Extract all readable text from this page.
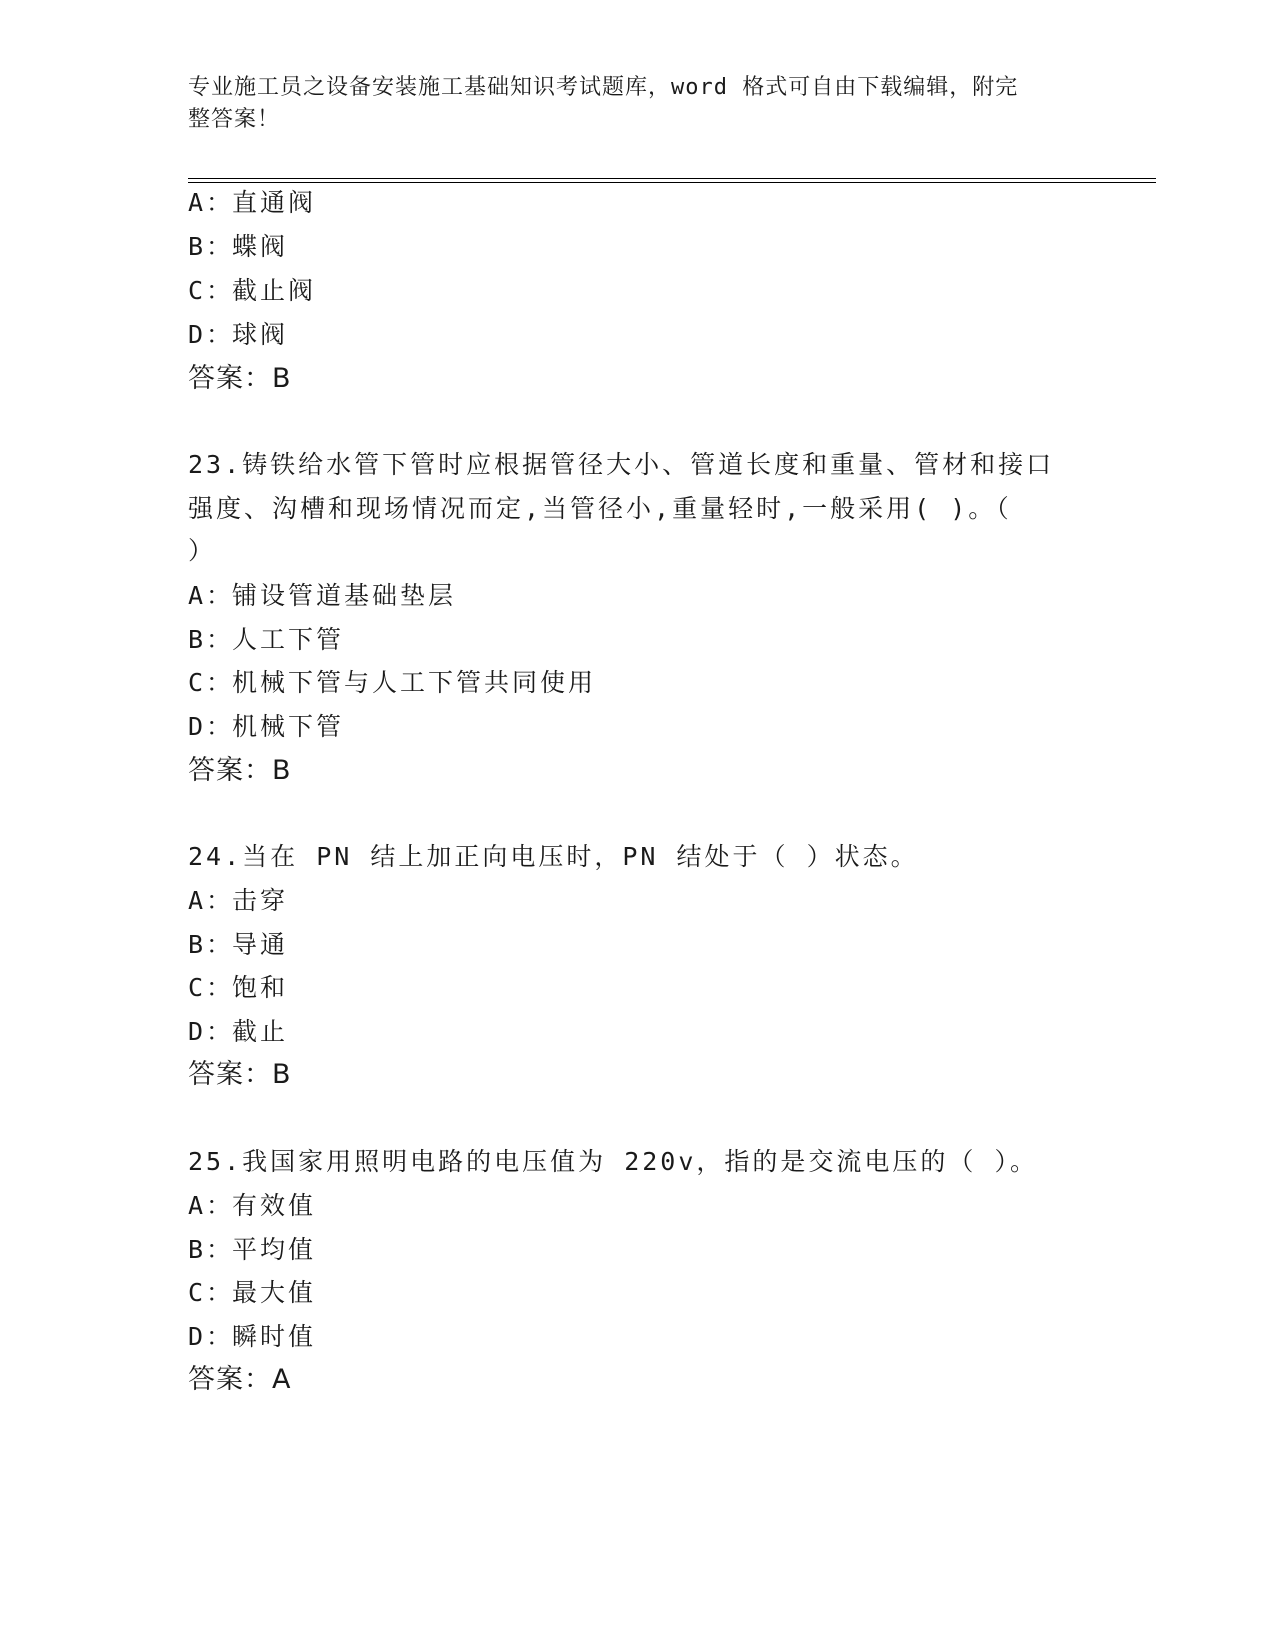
专业施工员之设备安装施工基础知识考试题库，word 格式可自由下载编辑，附完
整答案！
A：直通阀
B：蝶阀
C：截止阀
D：球阀
答案：B
23.铸铁给水管下管时应根据管径大小、管道长度和重量、管材和接口
强度、沟槽和现场情况而定,当管径小,重量轻时,一般采用( )。（
）
A：铺设管道基础垫层
B：人工下管
C：机械下管与人工下管共同使用
D：机械下管
答案：B
24.当在 PN 结上加正向电压时，PN 结处于（ ）状态。
A：击穿
B：导通
C：饱和
D：截止
答案：B
25.我国家用照明电路的电压值为 220v，指的是交流电压的（ ）。
A：有效值
B：平均值
C：最大值
D：瞬时值
答案：A
